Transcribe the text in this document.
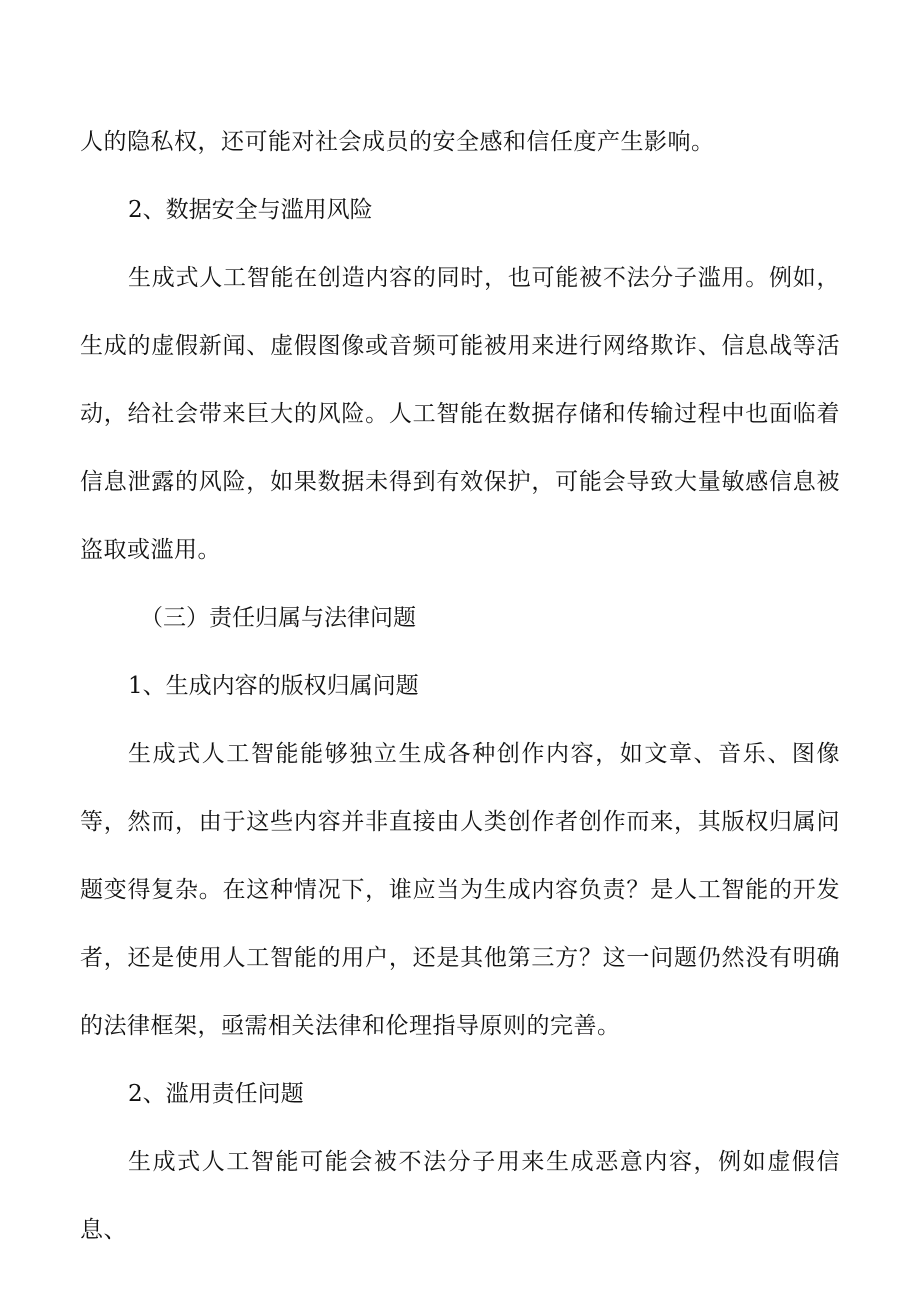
人的隐私权，还可能对社会成员的安全感和信任度产生影响。

2、数据安全与滥用风险

生成式人工智能在创造内容的同时，也可能被不法分子滥用。例如，生成的虚假新闻、虚假图像或音频可能被用来进行网络欺诈、信息战等活动，给社会带来巨大的风险。人工智能在数据存储和传输过程中也面临着信息泄露的风险，如果数据未得到有效保护，可能会导致大量敏感信息被盗取或滥用。

（三）责任归属与法律问题

1、生成内容的版权归属问题

生成式人工智能能够独立生成各种创作内容，如文章、音乐、图像等，然而，由于这些内容并非直接由人类创作者创作而来，其版权归属问题变得复杂。在这种情况下，谁应当为生成内容负责？是人工智能的开发者，还是使用人工智能的用户，还是其他第三方？这一问题仍然没有明确的法律框架，亟需相关法律和伦理指导原则的完善。

2、滥用责任问题

生成式人工智能可能会被不法分子用来生成恶意内容，例如虚假信息、
